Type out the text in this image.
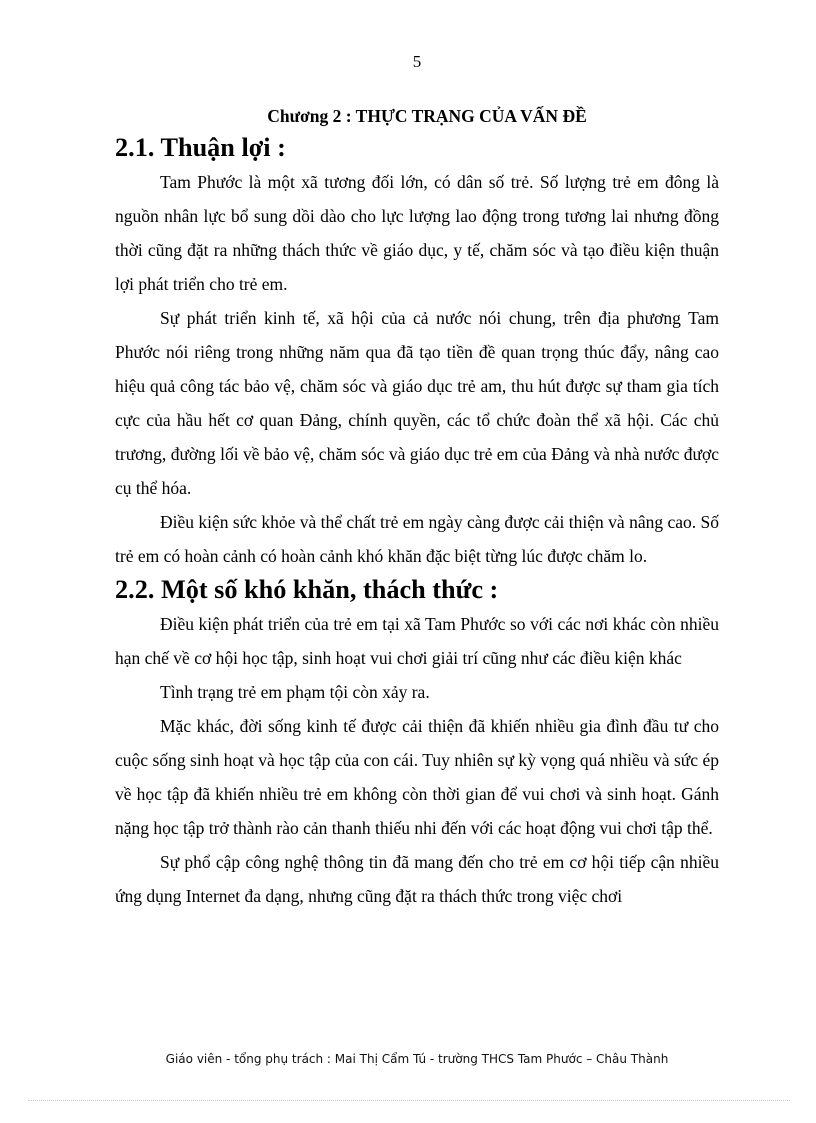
5
Chương 2 : THỰC TRẠNG CỦA VẤN ĐỀ
2.1. Thuận lợi :

Tam Phước là một xã tương đối lớn, có dân số trẻ. Số lượng trẻ em đông là nguồn nhân lực bổ sung dồi dào cho lực lượng lao động trong tương lai nhưng đồng thời cũng đặt ra những thách thức về giáo dục, y tế, chăm sóc và tạo điều kiện thuận lợi phát triển cho trẻ em.

Sự phát triển kinh tế, xã hội của cả nước nói chung, trên địa phương Tam Phước nói riêng trong những năm qua đã tạo tiền đề quan trọng thúc đẩy, nâng cao hiệu quả công tác bảo vệ, chăm sóc và giáo dục trẻ am, thu hút được sự tham gia tích cực của hầu hết cơ quan Đảng, chính quyền, các tổ chức đoàn thể xã hội. Các chủ trương, đường lối về bảo vệ, chăm sóc và giáo dục trẻ em của Đảng và nhà nước được cụ thể hóa.

Điều kiện sức khỏe và thể chất trẻ em ngày càng được cải thiện và nâng cao. Số trẻ em có hoàn cảnh có hoàn cảnh khó khăn đặc biệt từng lúc được chăm lo.

2.2. Một số khó khăn, thách thức :

Điều kiện phát triển của trẻ em tại xã Tam Phước so với các nơi khác còn nhiều hạn chế về cơ hội học tập, sinh hoạt vui chơi giải trí cũng như các điều kiện khác

Tình trạng trẻ em phạm tội còn xảy ra.

Mặc khác, đời sống kinh tế được cải thiện đã khiến nhiều gia đình đầu tư cho cuộc sống sinh hoạt và học tập của con cái. Tuy nhiên sự kỳ vọng quá nhiều và sức ép về học tập đã khiến nhiều trẻ em không còn thời gian để vui chơi và sinh hoạt. Gánh nặng học tập trở thành rào cản thanh thiếu nhi đến với các hoạt động vui chơi tập thể.

Sự phổ cập công nghệ thông tin đã mang đến cho trẻ em cơ hội tiếp cận nhiều ứng dụng Internet đa dạng, nhưng cũng đặt ra thách thức trong việc chơi

Giáo viên - tổng phụ trách : Mai Thị Cẩm Tú - trường THCS Tam Phước – Châu Thành
